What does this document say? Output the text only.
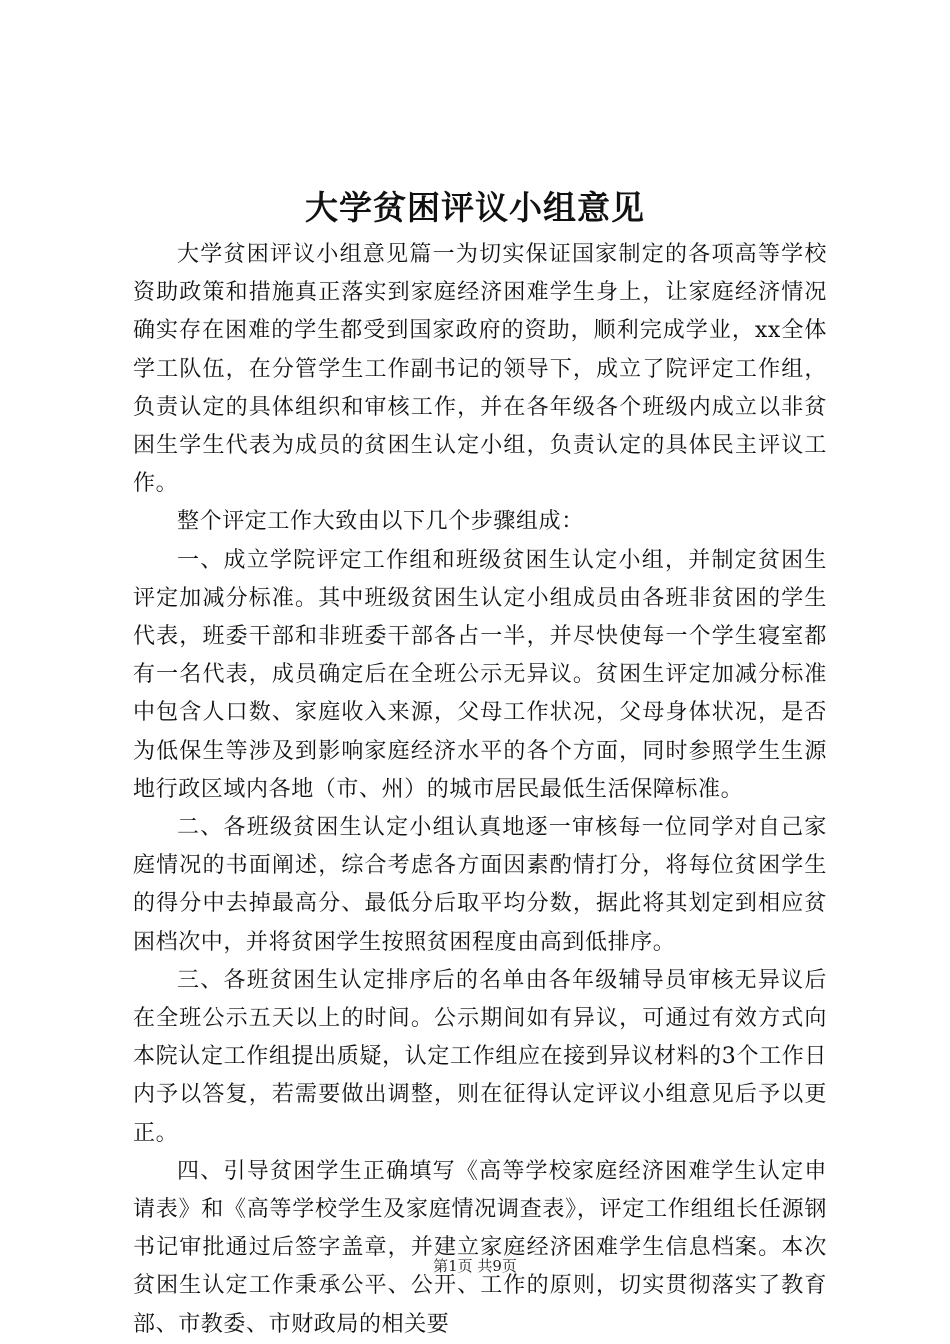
大学贫困评议小组意见

大学贫困评议小组意见篇一为切实保证国家制定的各项高等学校资助政策和措施真正落实到家庭经济困难学生身上，让家庭经济情况确实存在困难的学生都受到国家政府的资助，顺利完成学业，xx全体学工队伍，在分管学生工作副书记的领导下，成立了院评定工作组，负责认定的具体组织和审核工作，并在各年级各个班级内成立以非贫困生学生代表为成员的贫困生认定小组，负责认定的具体民主评议工作。

整个评定工作大致由以下几个步骤组成：

一、成立学院评定工作组和班级贫困生认定小组，并制定贫困生评定加减分标准。其中班级贫困生认定小组成员由各班非贫困的学生代表，班委干部和非班委干部各占一半，并尽快使每一个学生寝室都有一名代表，成员确定后在全班公示无异议。贫困生评定加减分标准中包含人口数、家庭收入来源，父母工作状况，父母身体状况，是否为低保生等涉及到影响家庭经济水平的各个方面，同时参照学生生源地行政区域内各地（市、州）的城市居民最低生活保障标准。

二、各班级贫困生认定小组认真地逐一审核每一位同学对自己家庭情况的书面阐述，综合考虑各方面因素酌情打分，将每位贫困学生的得分中去掉最高分、最低分后取平均分数，据此将其划定到相应贫困档次中，并将贫困学生按照贫困程度由高到低排序。

三、各班贫困生认定排序后的名单由各年级辅导员审核无异议后在全班公示五天以上的时间。公示期间如有异议，可通过有效方式向本院认定工作组提出质疑，认定工作组应在接到异议材料的3个工作日内予以答复，若需要做出调整，则在征得认定评议小组意见后予以更正。

四、引导贫困学生正确填写《高等学校家庭经济困难学生认定申请表》和《高等学校学生及家庭情况调查表》，评定工作组组长任源钢书记审批通过后签字盖章，并建立家庭经济困难学生信息档案。本次贫困生认定工作秉承公平、公开、工作的原则，切实贯彻落实了教育部、市教委、市财政局的相关要

第1页 共9页
